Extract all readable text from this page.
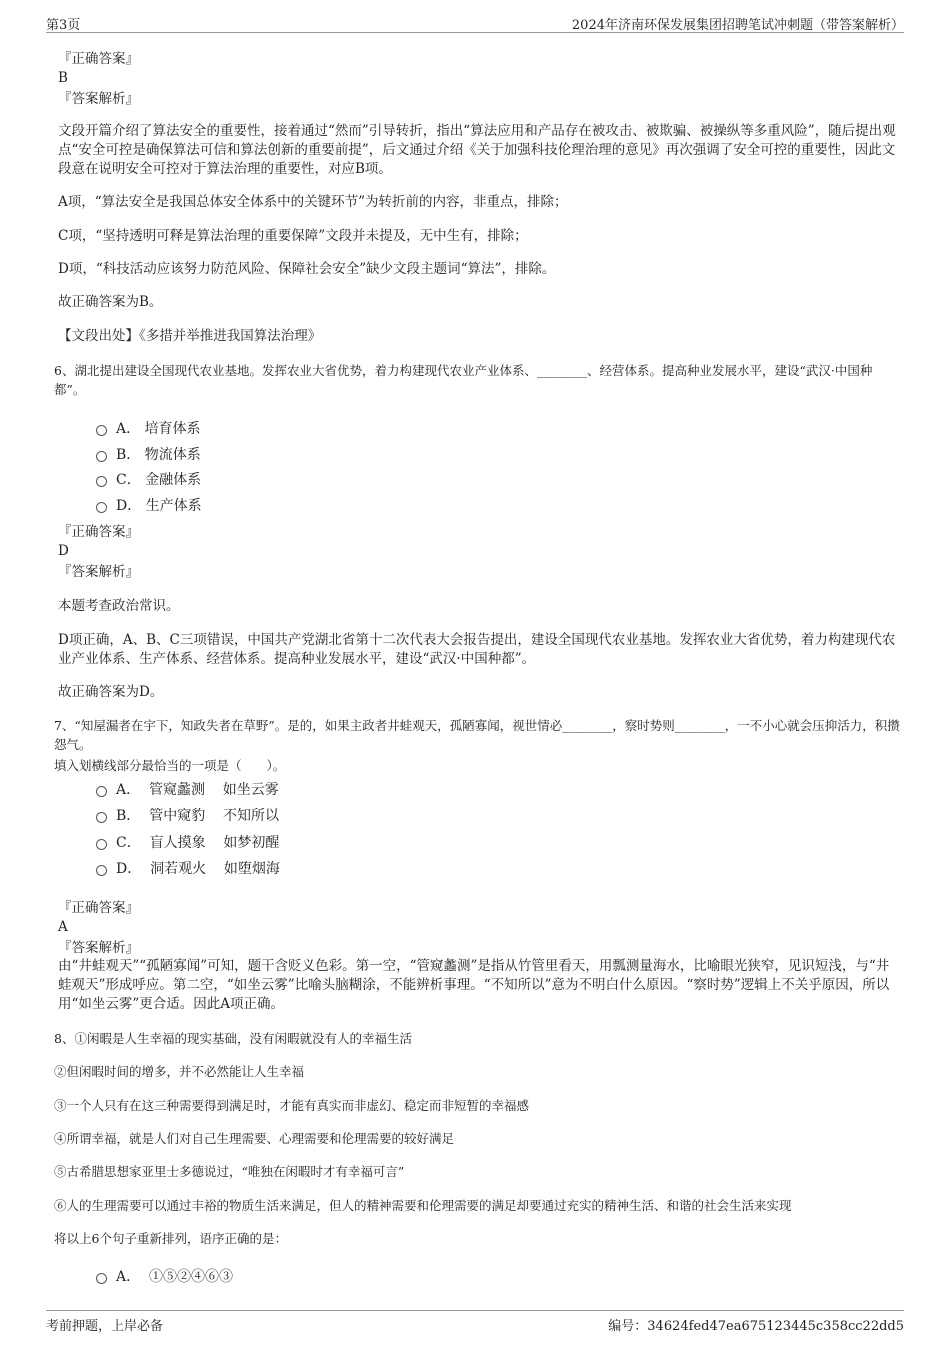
第3页	2024年济南环保发展集团招聘笔试冲刺题（带答案解析）
『正确答案』
B
『答案解析』
文段开篇介绍了算法安全的重要性，接着通过“然而”引导转折，指出“算法应用和产品存在被攻击、被欺骗、被操纵等多重风险”，随后提出观点“安全可控是确保算法可信和算法创新的重要前提”，后文通过介绍《关于加强科技伦理治理的意见》再次强调了安全可控的重要性，因此文段意在说明安全可控对于算法治理的重要性，对应B项。
A项，“算法安全是我国总体安全体系中的关键环节”为转折前的内容，非重点，排除；
C项，“坚持透明可释是算法治理的重要保障”文段并未提及，无中生有，排除；
D项，“科技活动应该努力防范风险、保障社会安全”缺少文段主题词“算法”，排除。
故正确答案为B。
【文段出处】《多措并举推进我国算法治理》
6、湖北提出建设全国现代农业基地。发挥农业大省优势，着力构建现代农业产业体系、________、经营体系。提高种业发展水平，建设“武汉·中国种都”。
A． 培育体系
B． 物流体系
C． 金融体系
D． 生产体系
『正确答案』
D
『答案解析』
本题考查政治常识。
D项正确，A、B、C三项错误，中国共产党湖北省第十二次代表大会报告提出，建设全国现代农业基地。发挥农业大省优势，着力构建现代农业产业体系、生产体系、经营体系。提高种业发展水平，建设“武汉·中国种都”。
故正确答案为D。
7、“知屋漏者在宇下，知政失者在草野”。是的，如果主政者井蛙观天，孤陋寡闻，视世情必________，察时势则________，一不小心就会压抑活力，积攒怨气。
填入划横线部分最恰当的一项是（　　）。
A．  管窥蠡测    如坐云雾
B．  管中窥豹    不知所以
C．  盲人摸象    如梦初醒
D．  洞若观火    如堕烟海
『正确答案』
A
『答案解析』
由“井蛙观天”“孤陋寡闻”可知，题干含贬义色彩。第一空，“管窥蠡测”是指从竹管里看天，用瓢测量海水，比喻眼光狭窄，见识短浅，与“井蛙观天”形成呼应。第二空，“如坐云雾”比喻头脑糊涂，不能辨析事理。“不知所以”意为不明白什么原因。“察时势”逻辑上不关乎原因，所以用“如坐云雾”更合适。因此A项正确。
8、①闲暇是人生幸福的现实基础，没有闲暇就没有人的幸福生活
②但闲暇时间的增多，并不必然能让人生幸福
③一个人只有在这三种需要得到满足时，才能有真实而非虚幻、稳定而非短暂的幸福感
④所谓幸福，就是人们对自己生理需要、心理需要和伦理需要的较好满足
⑤古希腊思想家亚里士多德说过，“唯独在闲暇时才有幸福可言”
⑥人的生理需要可以通过丰裕的物质生活来满足，但人的精神需要和伦理需要的满足却要通过充实的精神生活、和谐的社会生活来实现
将以上6个句子重新排列，语序正确的是：
A．  ①⑤②④⑥③
考前押题，上岸必备	编号：34624fed47ea675123445c358cc22dd5
